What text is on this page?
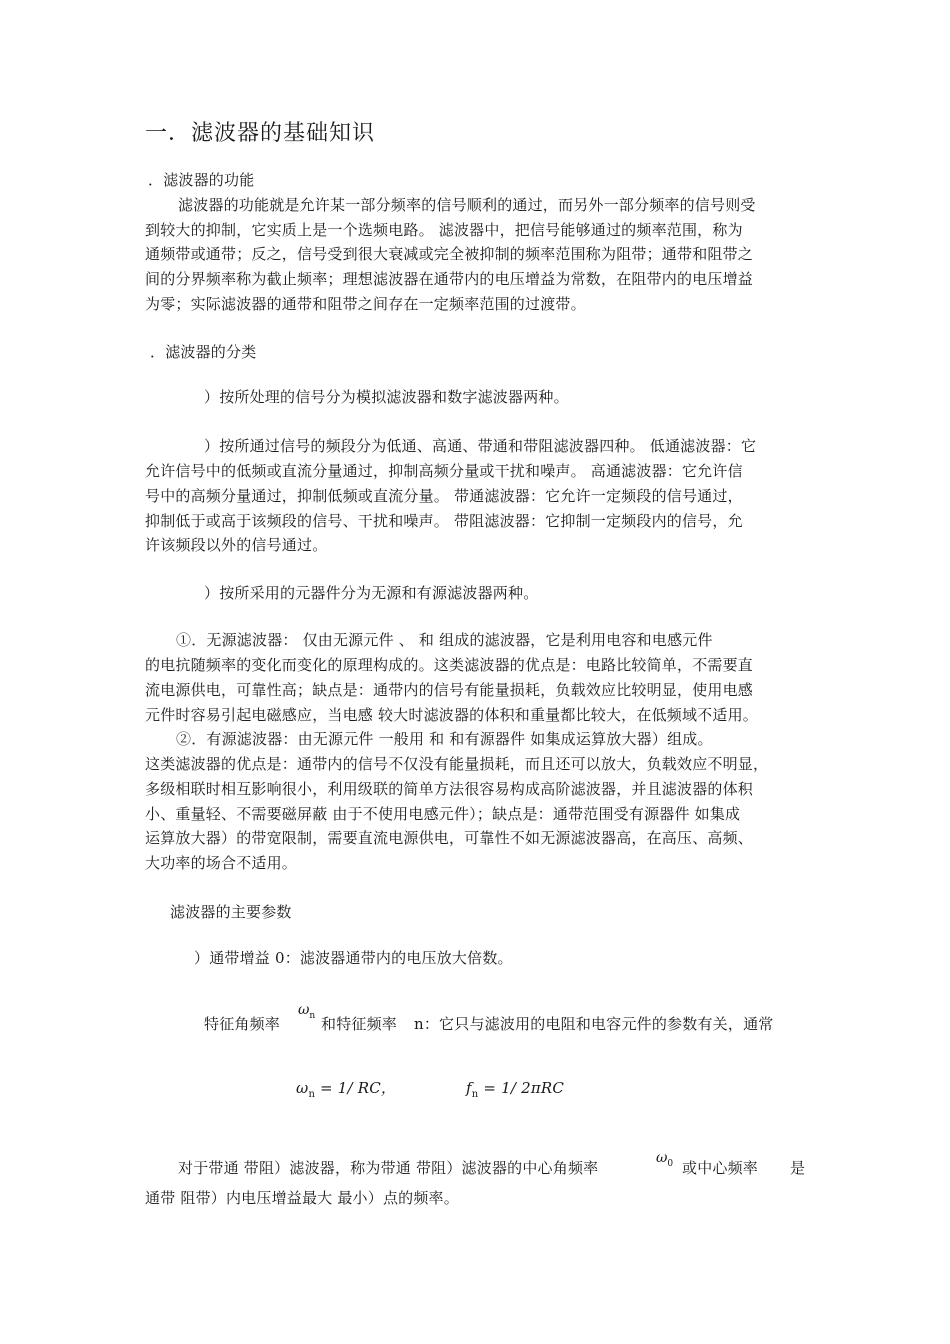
一．滤波器的基础知识
．滤波器的功能
滤波器的功能就是允许某一部分频率的信号顺利的通过，而另外一部分频率的信号则受
到较大的抑制，它实质上是一个选频电路。 滤波器中，把信号能够通过的频率范围，称为
通频带或通带；反之，信号受到很大衰减或完全被抑制的频率范围称为阻带；通带和阻带之
间的分界频率称为截止频率；理想滤波器在通带内的电压增益为常数，在阻带内的电压增益
为零；实际滤波器的通带和阻带之间存在一定频率范围的过渡带。
．滤波器的分类
）按所处理的信号分为模拟滤波器和数字滤波器两种。
）按所通过信号的频段分为低通、高通、带通和带阻滤波器四种。 低通滤波器：它
允许信号中的低频或直流分量通过，抑制高频分量或干扰和噪声。 高通滤波器：它允许信
号中的高频分量通过，抑制低频或直流分量。 带通滤波器：它允许一定频段的信号通过，
抑制低于或高于该频段的信号、干扰和噪声。 带阻滤波器：它抑制一定频段内的信号，允
许该频段以外的信号通过。
）按所采用的元器件分为无源和有源滤波器两种。
①．无源滤波器： 仅由无源元件 、 和 组成的滤波器，它是利用电容和电感元件
的电抗随频率的变化而变化的原理构成的。这类滤波器的优点是：电路比较简单，不需要直
流电源供电，可靠性高；缺点是：通带内的信号有能量损耗，负载效应比较明显，使用电感
元件时容易引起电磁感应，当电感 较大时滤波器的体积和重量都比较大，在低频域不适用。
②．有源滤波器：由无源元件 一般用 和 和有源器件 如集成运算放大器）组成。
这类滤波器的优点是：通带内的信号不仅没有能量损耗，而且还可以放大，负载效应不明显，
多级相联时相互影响很小，利用级联的简单方法很容易构成高阶滤波器，并且滤波器的体积
小、重量轻、不需要磁屏蔽 由于不使用电感元件）；缺点是：通带范围受有源器件 如集成
运算放大器）的带宽限制，需要直流电源供电，可靠性不如无源滤波器高，在高压、高频、
大功率的场合不适用。
滤波器的主要参数
）通带增益 0：滤波器通带内的电压放大倍数。
特征角频率
$\omega_n$ 和特征频率 n：它只与滤波用的电阻和电容元件的参数有关，通常
$\omega_n = 1/$ RC，	$f_n = 1/$ 2πRC
对于带通 带阻）滤波器，称为带通 带阻）滤波器的中心角频率
$\omega_0$ 或中心频率 是
通带 阻带）内电压增益最大 最小）点的频率。
